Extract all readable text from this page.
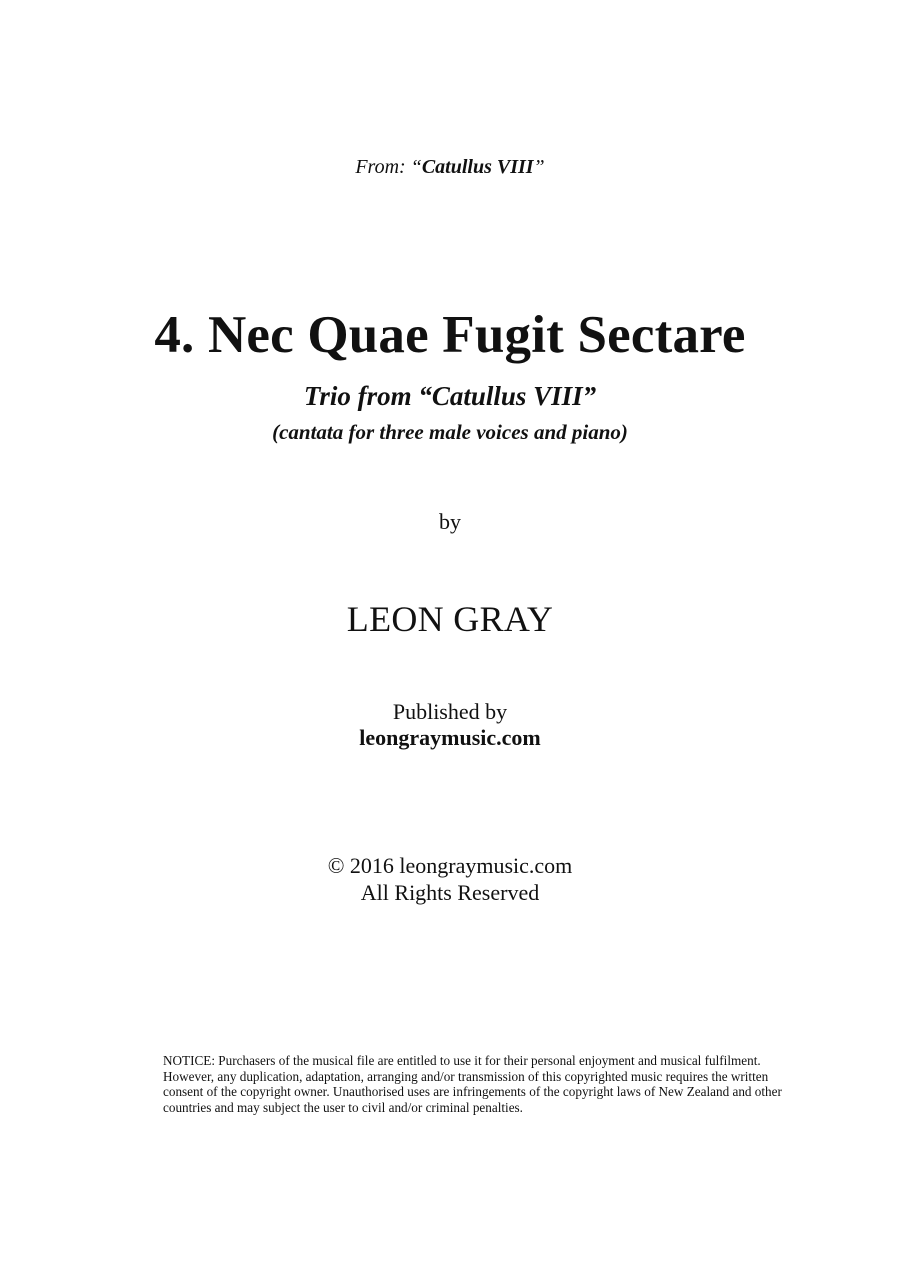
From: “Catullus VIII”
4. Nec Quae Fugit Sectare
Trio from “Catullus VIII”
(cantata for three male voices and piano)
by
LEON GRAY
Published by
leongraymusic.com
© 2016 leongraymusic.com
All Rights Reserved
NOTICE: Purchasers of the musical file are entitled to use it for their personal enjoyment and musical fulfilment. However, any duplication, adaptation, arranging and/or transmission of this copyrighted music requires the written consent of the copyright owner. Unauthorised uses are infringements of the copyright laws of New Zealand and other countries and may subject the user to civil and/or criminal penalties.
